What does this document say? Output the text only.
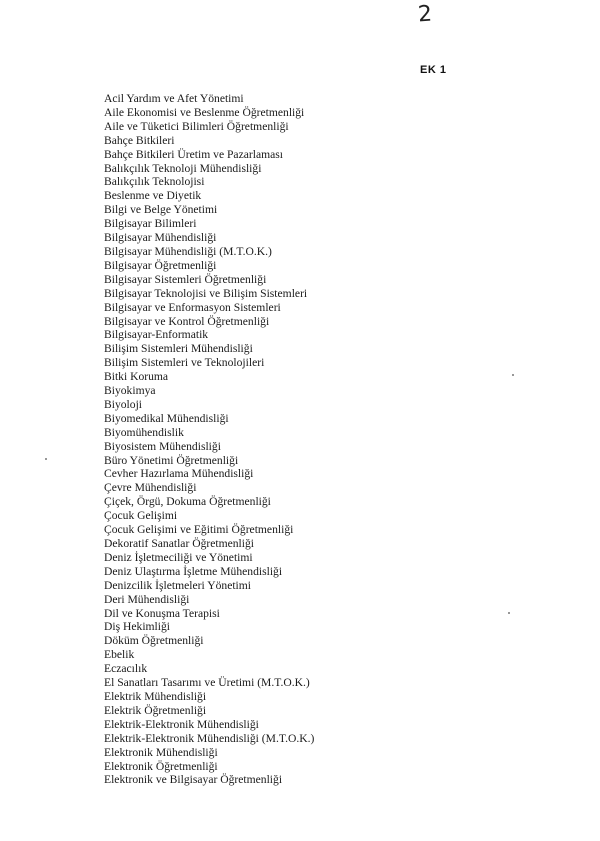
2
EK 1
Acil Yardım ve Afet Yönetimi
Aile Ekonomisi ve Beslenme Öğretmenliği
Aile ve Tüketici Bilimleri Öğretmenliği
Bahçe Bitkileri
Bahçe Bitkileri Üretim ve Pazarlaması
Balıkçılık Teknoloji Mühendisliği
Balıkçılık Teknolojisi
Beslenme ve Diyetik
Bilgi ve Belge Yönetimi
Bilgisayar Bilimleri
Bilgisayar Mühendisliği
Bilgisayar Mühendisliği (M.T.O.K.)
Bilgisayar Öğretmenliği
Bilgisayar Sistemleri Öğretmenliği
Bilgisayar Teknolojisi ve Bilişim Sistemleri
Bilgisayar ve Enformasyon Sistemleri
Bilgisayar ve Kontrol Öğretmenliği
Bilgisayar-Enformatik
Bilişim Sistemleri Mühendisliği
Bilişim Sistemleri ve Teknolojileri
Bitki Koruma
Biyokimya
Biyoloji
Biyomedikal Mühendisliği
Biyomühendislik
Biyosistem Mühendisliği
Büro Yönetimi Öğretmenliği
Cevher Hazırlama Mühendisliği
Çevre Mühendisliği
Çiçek, Örgü, Dokuma Öğretmenliği
Çocuk Gelişimi
Çocuk Gelişimi ve Eğitimi Öğretmenliği
Dekoratif Sanatlar Öğretmenliği
Deniz İşletmeciliği ve Yönetimi
Deniz Ulaştırma İşletme Mühendisliği
Denizcilik İşletmeleri Yönetimi
Deri Mühendisliği
Dil ve Konuşma Terapisi
Diş Hekimliği
Döküm Öğretmenliği
Ebelik
Eczacılık
El Sanatları Tasarımı ve Üretimi (M.T.O.K.)
Elektrik Mühendisliği
Elektrik Öğretmenliği
Elektrik-Elektronik Mühendisliği
Elektrik-Elektronik Mühendisliği (M.T.O.K.)
Elektronik Mühendisliği
Elektronik Öğretmenliği
Elektronik ve Bilgisayar Öğretmenliği
